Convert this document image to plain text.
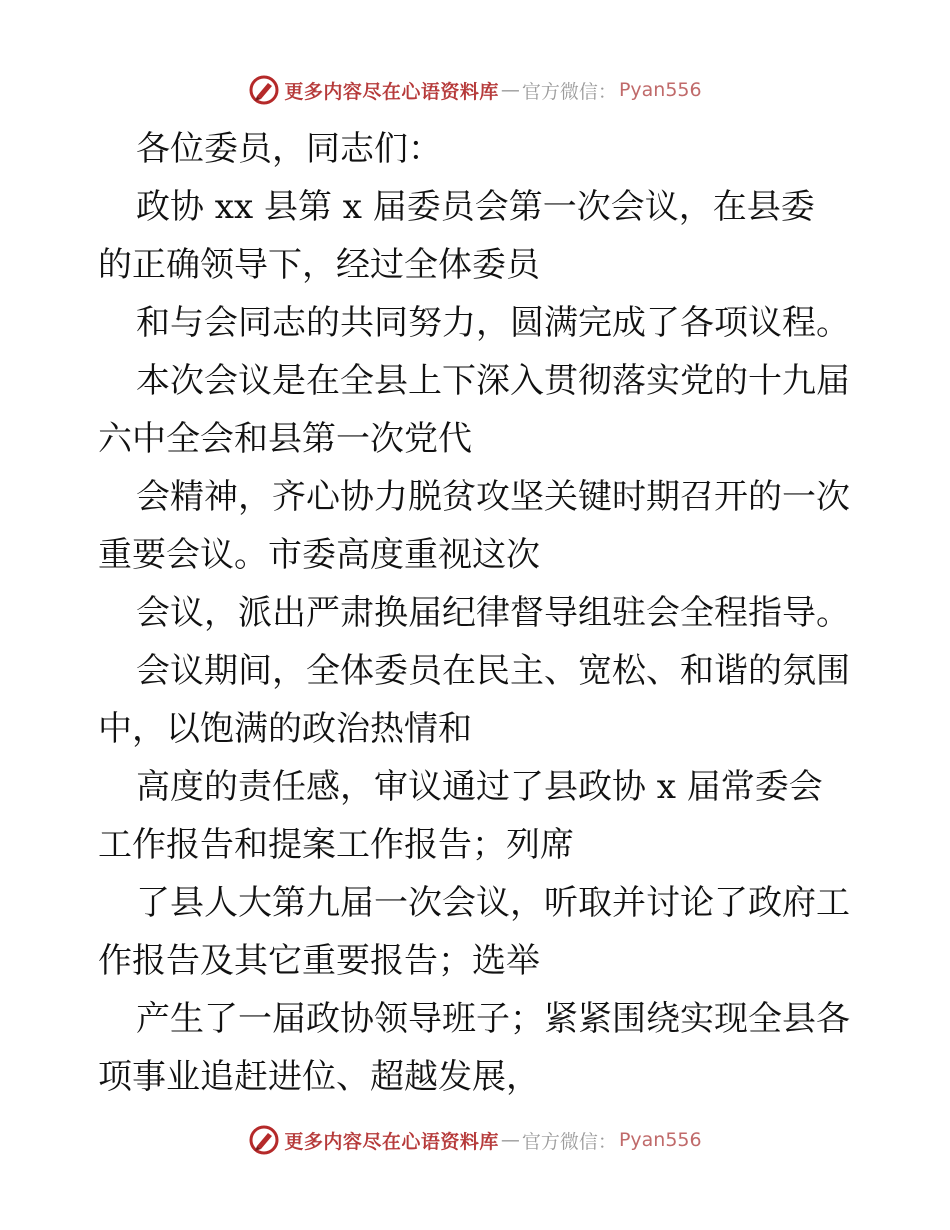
更多内容尽在心语资料库 — 官方微信： Pyan556
各位委员，同志们：
政协 xx 县第 x 届委员会第一次会议，在县委
的正确领导下，经过全体委员
和与会同志的共同努力，圆满完成了各项议程。
本次会议是在全县上下深入贯彻落实党的十九届
六中全会和县第一次党代
会精神，齐心协力脱贫攻坚关键时期召开的一次
重要会议。市委高度重视这次
会议，派出严肃换届纪律督导组驻会全程指导。
会议期间，全体委员在民主、宽松、和谐的氛围
中，以饱满的政治热情和
高度的责任感，审议通过了县政协 x 届常委会
工作报告和提案工作报告；列席
了县人大第九届一次会议，听取并讨论了政府工
作报告及其它重要报告；选举
产生了一届政协领导班子；紧紧围绕实现全县各
项事业追赶进位、超越发展，
更多内容尽在心语资料库 — 官方微信： Pyan556
